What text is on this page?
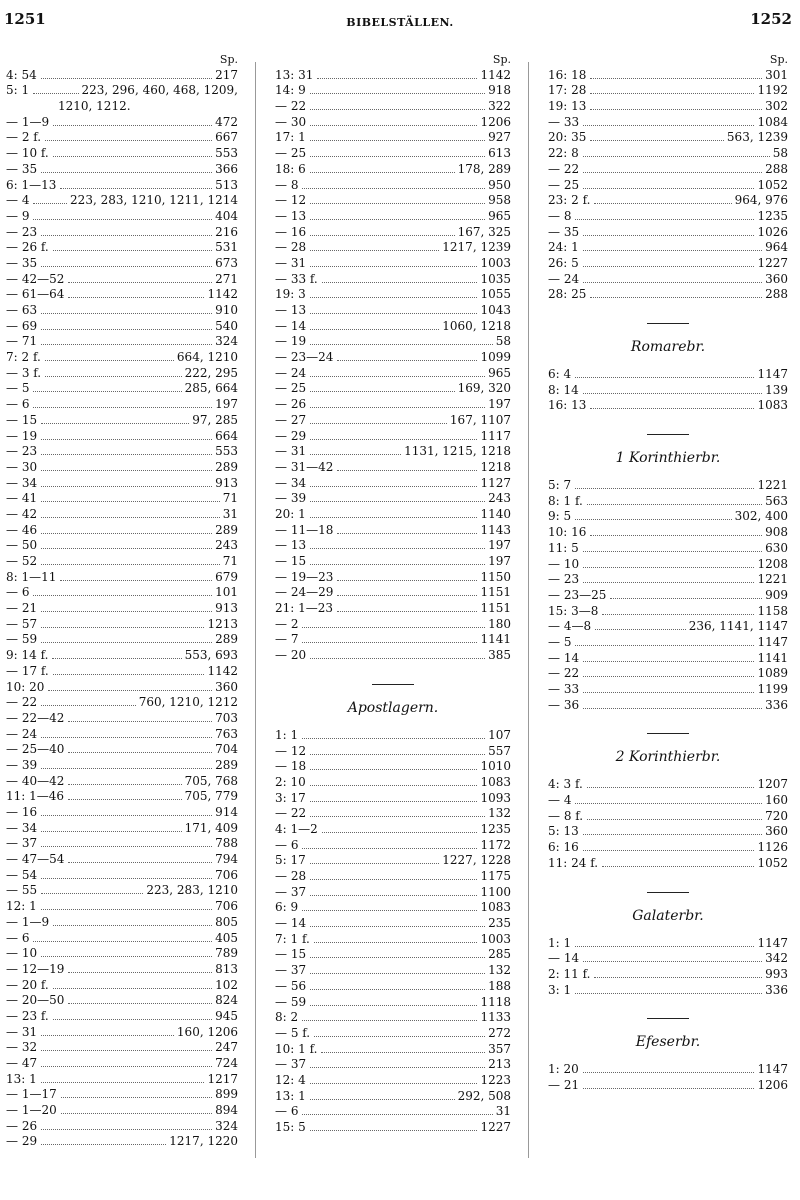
1251	BIBELSTÄLLEN.	1252
Sp.
4: 54	217
5: 1	223, 296, 460, 468, 1209,
1210, 1212.
— 1—9	472
— 2 f.	667
— 10 f.	553
— 35	366
6: 1—13	513
— 4	223, 283, 1210, 1211, 1214
— 9	404
— 23	216
— 26 f.	531
— 35	673
— 42—52	271
— 61—64	1142
— 63	910
— 69	540
— 71	324
7: 2 f.	664, 1210
— 3 f.	222, 295
— 5	285, 664
— 6	197
— 15	97, 285
— 19	664
— 23	553
— 30	289
— 34	913
— 41	71
— 42	31
— 46	289
— 50	243
— 52	71
8: 1—11	679
— 6	101
— 21	913
— 57	1213
— 59	289
9: 14 f.	553, 693
— 17 f.	1142
10: 20	360
— 22	760, 1210, 1212
— 22—42	703
— 24	763
— 25—40	704
— 39	289
— 40—42	705, 768
11: 1—46	705, 779
— 16	914
— 34	171, 409
— 37	788
— 47—54	794
— 54	706
— 55	223, 283, 1210
12: 1	706
— 1—9	805
— 6	405
— 10	789
— 12—19	813
— 20 f.	102
— 20—50	824
— 23 f.	945
— 31	160, 1206
— 32	247
— 47	724
13: 1	1217
— 1—17	899
— 1—20	894
— 26	324
— 29	1217, 1220
Sp.
13: 31	1142
14: 9	918
— 22	322
— 30	1206
17: 1	927
— 25	613
18: 6	178, 289
— 8	950
— 12	958
— 13	965
— 16	167, 325
— 28	1217, 1239
— 31	1003
— 33 f.	1035
19: 3	1055
— 13	1043
— 14	1060, 1218
— 19	58
— 23—24	1099
— 24	965
— 25	169, 320
— 26	197
— 27	167, 1107
— 29	1117
— 31	1131, 1215, 1218
— 31—42	1218
— 34	1127
— 39	243
20: 1	1140
— 11—18	1143
— 13	197
— 15	197
— 19—23	1150
— 24—29	1151
21: 1—23	1151
— 2	180
— 7	1141
— 20	385
Apostlagern.
1: 1	107
— 12	557
— 18	1010
2: 10	1083
3: 17	1093
— 22	132
4: 1—2	1235
— 6	1172
5: 17	1227, 1228
— 28	1175
— 37	1100
6: 9	1083
— 14	235
7: 1 f.	1003
— 15	285
— 37	132
— 56	188
— 59	1118
8: 2	1133
— 5 f.	272
10: 1 f.	357
— 37	213
12: 4	1223
13: 1	292, 508
— 6	31
15: 5	1227
Sp.
16: 18	301
17: 28	1192
19: 13	302
— 33	1084
20: 35	563, 1239
22: 8	58
— 22	288
— 25	1052
23: 2 f.	964, 976
— 8	1235
— 35	1026
24: 1	964
26: 5	1227
— 24	360
28: 25	288
Romarebr.
6: 4	1147
8: 14	139
16: 13	1083
1 Korinthierbr.
5: 7	1221
8: 1 f.	563
9: 5	302, 400
10: 16	908
11: 5	630
— 10	1208
— 23	1221
— 23—25	909
15: 3—8	1158
— 4—8	236, 1141, 1147
— 5	1147
— 14	1141
— 22	1089
— 33	1199
— 36	336
2 Korinthierbr.
4: 3 f.	1207
— 4	160
— 8 f.	720
5: 13	360
6: 16	1126
11: 24 f.	1052
Galaterbr.
1: 1	1147
— 14	342
2: 11 f.	993
3: 1	336
Efeserbr.
1: 20	1147
— 21	1206
